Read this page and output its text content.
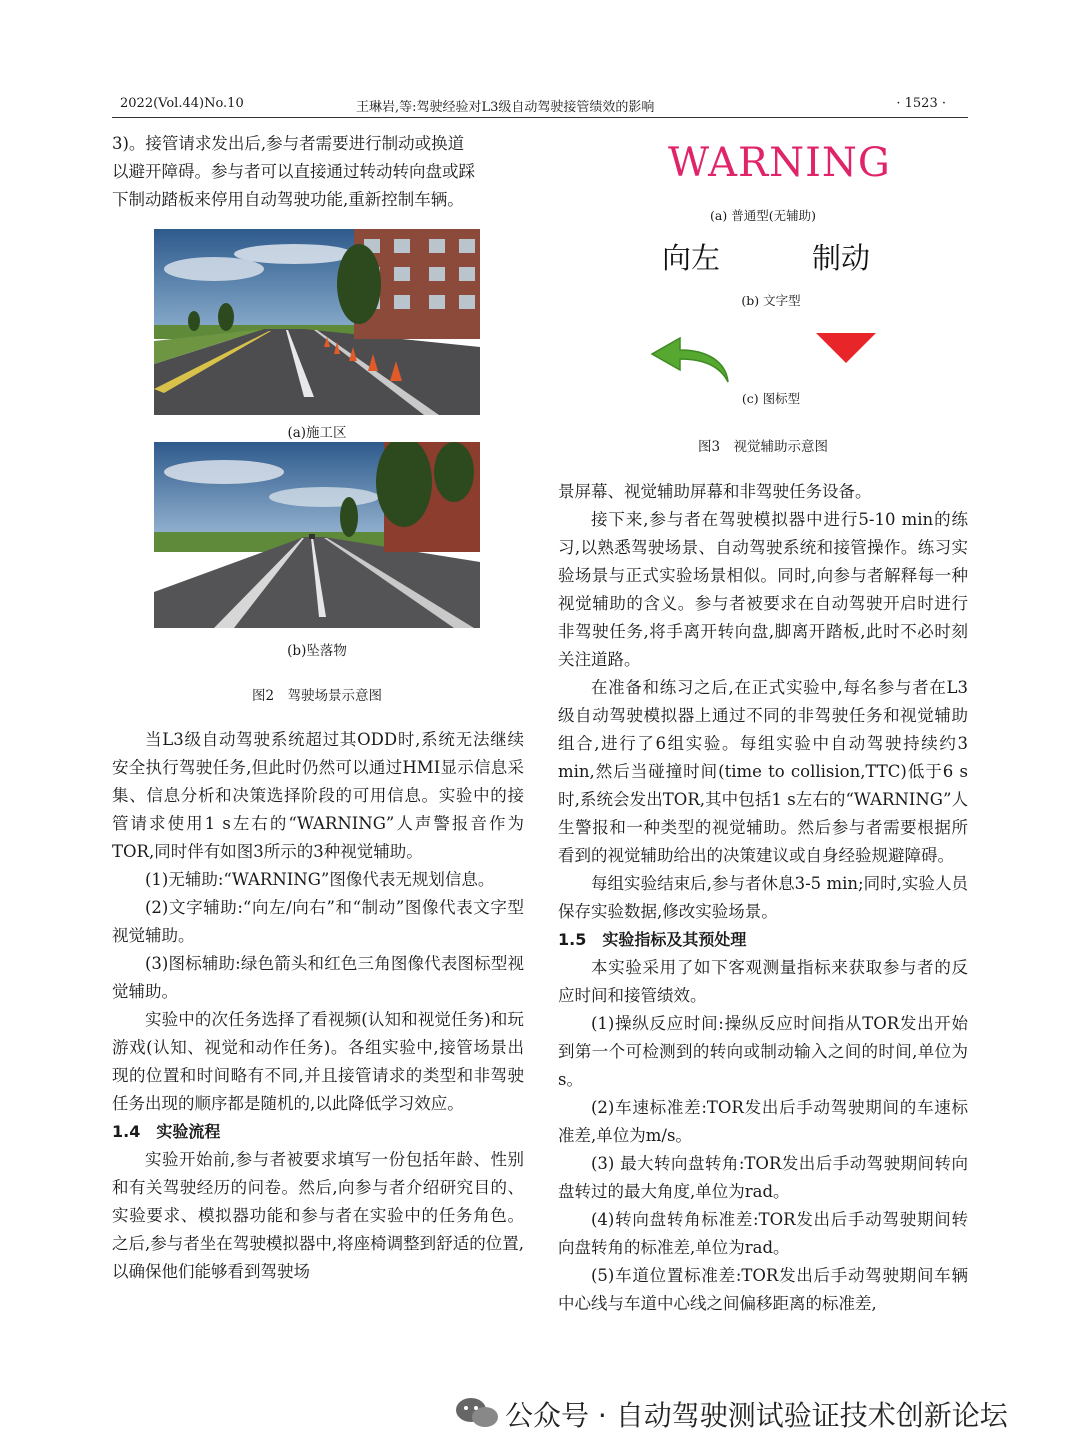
2022(Vol.44)No.10	王琳岩,等:驾驶经验对L3级自动驾驶接管绩效的影响	· 1523 ·

3)。接管请求发出后,参与者需要进行制动或换道

以避开障碍。参与者可以直接通过转动转向盘或踩

下制动踏板来停用自动驾驶功能,重新控制车辆。

(a)施工区
(b)坠落物
图2　驾驶场景示意图

当L3级自动驾驶系统超过其ODD时,系统无法继续安全执行驾驶任务,但此时仍然可以通过HMI显示信息采集、信息分析和决策选择阶段的可用信息。实验中的接管请求使用1 s左右的“WARNING”人声警报音作为TOR,同时伴有如图3所示的3种视觉辅助。

(1)无辅助:“WARNING”图像代表无规划信息。

(2)文字辅助:“向左/向右”和“制动”图像代表文字型视觉辅助。

(3)图标辅助:绿色箭头和红色三角图像代表图标型视觉辅助。

实验中的次任务选择了看视频(认知和视觉任务)和玩游戏(认知、视觉和动作任务)。各组实验中,接管场景出现的位置和时间略有不同,并且接管请求的类型和非驾驶任务出现的顺序都是随机的,以此降低学习效应。

1.4　实验流程

实验开始前,参与者被要求填写一份包括年龄、性别和有关驾驶经历的问卷。然后,向参与者介绍研究目的、实验要求、模拟器功能和参与者在实验中的任务角色。之后,参与者坐在驾驶模拟器中,将座椅调整到舒适的位置,以确保他们能够看到驾驶场

WARNING
(a) 普通型(无辅助)
向左	制动
(b) 文字型
(c) 图标型
图3　视觉辅助示意图

景屏幕、视觉辅助屏幕和非驾驶任务设备。

接下来,参与者在驾驶模拟器中进行5-10 min的练习,以熟悉驾驶场景、自动驾驶系统和接管操作。练习实验场景与正式实验场景相似。同时,向参与者解释每一种视觉辅助的含义。参与者被要求在自动驾驶开启时进行非驾驶任务,将手离开转向盘,脚离开踏板,此时不必时刻关注道路。

在准备和练习之后,在正式实验中,每名参与者在L3级自动驾驶模拟器上通过不同的非驾驶任务和视觉辅助组合,进行了6组实验。每组实验中自动驾驶持续约3 min,然后当碰撞时间(time to collision,TTC)低于6 s时,系统会发出TOR,其中包括1 s左右的“WARNING”人生警报和一种类型的视觉辅助。然后参与者需要根据所看到的视觉辅助给出的决策建议或自身经验规避障碍。

每组实验结束后,参与者休息3-5 min;同时,实验人员保存实验数据,修改实验场景。

1.5　实验指标及其预处理

本实验采用了如下客观测量指标来获取参与者的反应时间和接管绩效。

(1)操纵反应时间:操纵反应时间指从TOR发出开始到第一个可检测到的转向或制动输入之间的时间,单位为s。

(2)车速标准差:TOR发出后手动驾驶期间的车速标准差,单位为m/s。

(3) 最大转向盘转角:TOR发出后手动驾驶期间转向盘转过的最大角度,单位为rad。

(4)转向盘转角标准差:TOR发出后手动驾驶期间转向盘转角的标准差,单位为rad。

(5)车道位置标准差:TOR发出后手动驾驶期间车辆中心线与车道中心线之间偏移距离的标准差,

公众号 · 自动驾驶测试验证技术创新论坛
